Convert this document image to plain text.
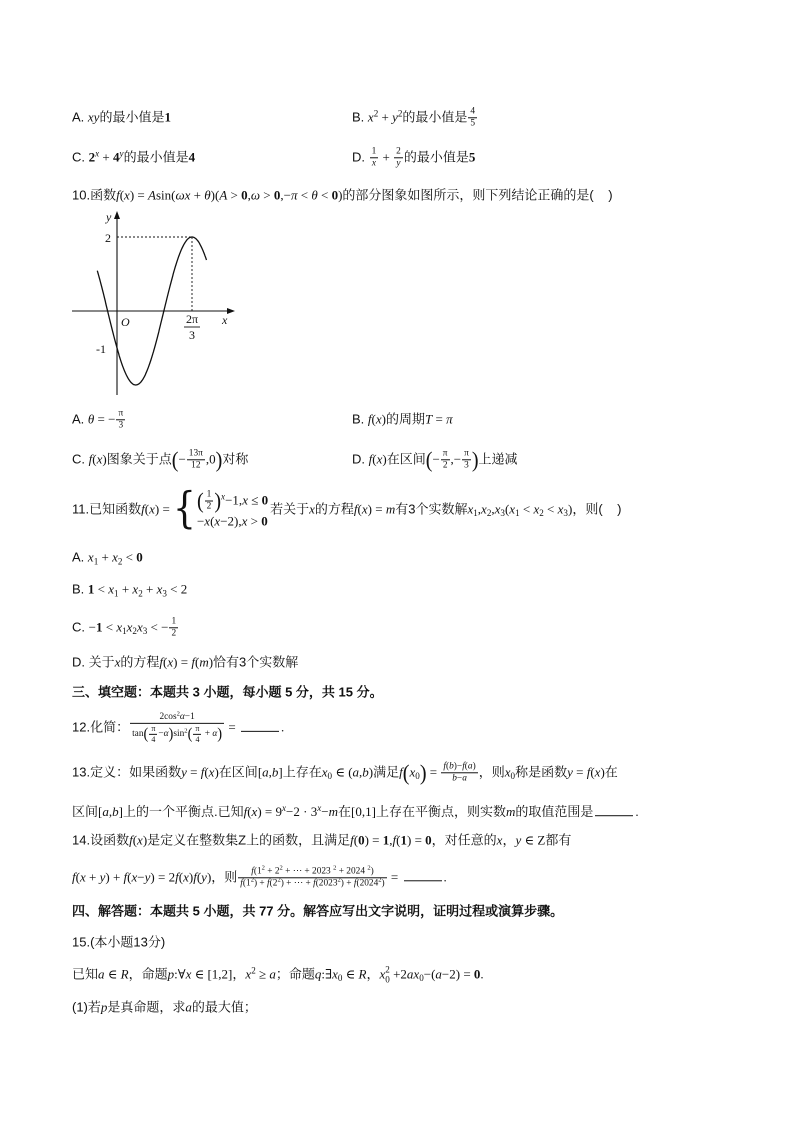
A. xy的最小值是1	B. $x^2 + y^2$的最小值是 $\frac{4}{5}$
C. $2^x + 4^y$的最小值是4	D. $\frac{1}{x} + \frac{2}{y}$ 的最小值是5
10.函数f(x) = Asin(ωx + θ)(A > 0,ω > 0,−π < θ < 0)的部分图象如图所示，则下列结论正确的是(    )
y
x
O
2
-1
2π
3
A. θ = − $\frac{\pi}{3}$	B. f(x)的周期T = π
C. f(x)图象关于点(− $\frac{13\pi}{12} ,0$)对称	D. f(x)在区间(− $\frac{\pi}{2}$ ,− $\frac{\pi}{3}$ )上递减
11.已知函数f(x) = { ( $\frac{1}{2} )^x-1,x \le 0$
−x(x−2),x > 0
若关于x的方程f(x) = m有3个实数解$x_1,x_2,x_3(x_1 < x_2 < x_3)$，则(    )
A. $x_1 + x_2 < 0$
B. $1 < x_1 + x_2 + x_3 < 2$
C. $-1 < x_1x_2x_3$ < − $\frac{1}{2}$
D. 关于x的方程f(x) = f(m)恰有3个实数解
三、填空题：本题共 3 小题，每小题 5 分，共 15 分。
12.化简： $\frac{2\cos^2\alpha-1}{\tan( \frac{\pi}{4} -\alpha)\sin^2( \frac{\pi}{4} + \alpha)}$ =	.
13.定义：如果函数y = f(x)在区间[a,b]上存在$x_0$ ∈ (a,b)满足$f(x_0) = \frac{f(b)-f(a)}{b-a}$ ，则$x_0$称是函数y = f(x)在
区间[a,b]上的一个平衡点.已知$f(x) = 9^x-2 \cdot 3^x-m$在[0,1]上存在平衡点，则实数m的取值范围是	.
14.设函数f(x)是定义在整数集Z上的函数，且满足f(0) = 1,f(1) = 0，对任意的x，y ∈ Z都有
f(x + y) + f(x−y) = 2f(x)f(y)，则 $\frac{f(1^2 + 2^2 + \cdots + 2023 ^2 + 2024 ^2)}{f(1^2) + f(2^2) + \cdots + f(2023^2) + f(2024^2)}$ =	.
四、解答题：本题共 5 小题，共 77 分。解答应写出文字说明，证明过程或演算步骤。
15.(本小题13分)
已知a ∈ R，命题p:∀x ∈ [1,2]，$x^2 \ge a$；命题$q:\exists x_0$ ∈ R，x 2
$0 +2ax_0-(a-2) = 0$.
(1)若p是真命题，求a的最大值；
